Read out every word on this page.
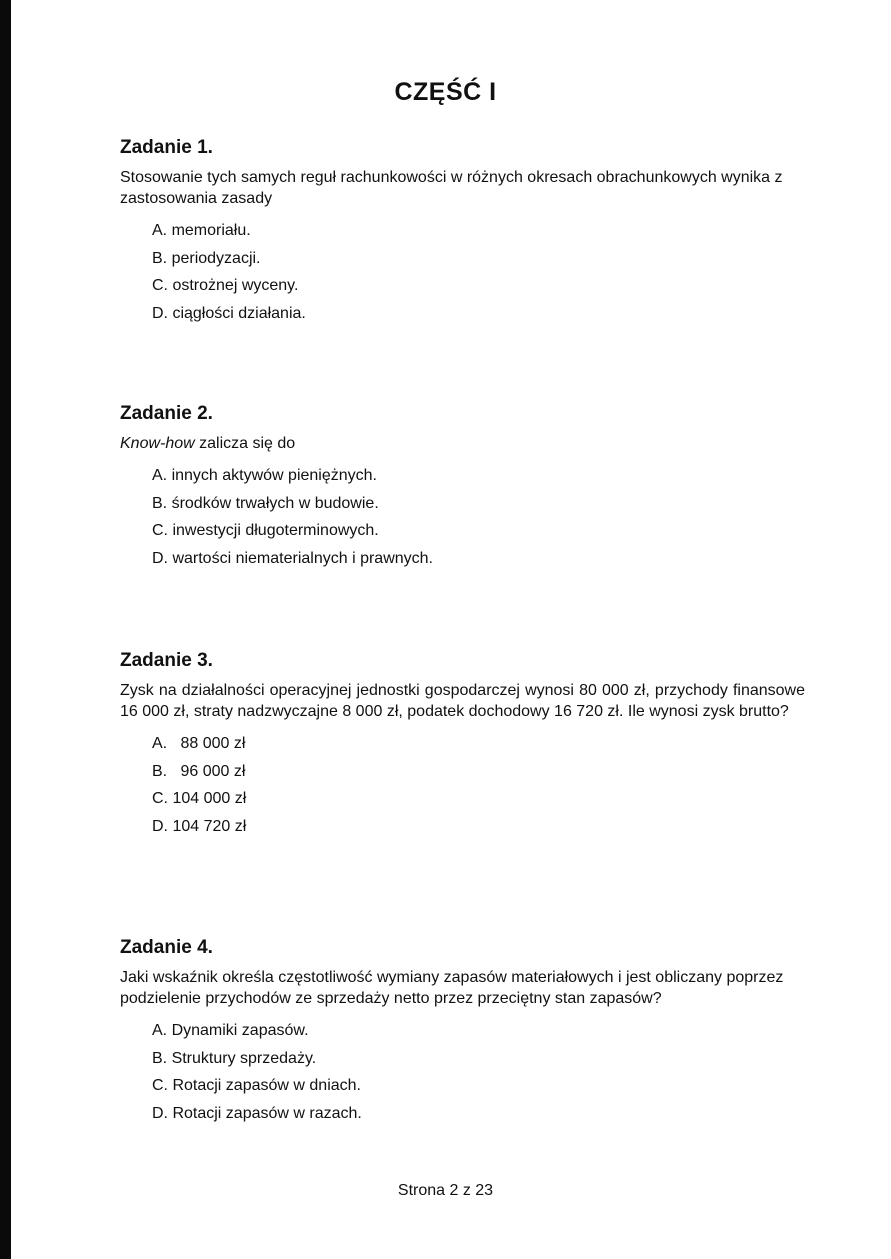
CZĘŚĆ I
Zadanie 1.

Stosowanie tych samych reguł rachunkowości w różnych okresach obrachunkowych wynika z zastosowania zasady

A. memoriału.
B. periodyzacji.
C. ostrożnej wyceny.
D. ciągłości działania.
Zadanie 2.

Know-how zalicza się do

A. innych aktywów pieniężnych.
B. środków trwałych w budowie.
C. inwestycji długoterminowych.
D. wartości niematerialnych i prawnych.
Zadanie 3.

Zysk na działalności operacyjnej jednostki gospodarczej wynosi 80 000 zł, przychody finansowe 16 000 zł, straty nadzwyczajne 8 000 zł, podatek dochodowy 16 720 zł. Ile wynosi zysk brutto?

A.   88 000 zł
B.   96 000 zł
C. 104 000 zł
D. 104 720 zł
Zadanie 4.

Jaki wskaźnik określa częstotliwość wymiany zapasów materiałowych i jest obliczany poprzez podzielenie przychodów ze sprzedaży netto przez przeciętny stan zapasów?

A. Dynamiki zapasów.
B. Struktury sprzedaży.
C. Rotacji zapasów w dniach.
D. Rotacji zapasów w razach.
Strona 2 z 23
